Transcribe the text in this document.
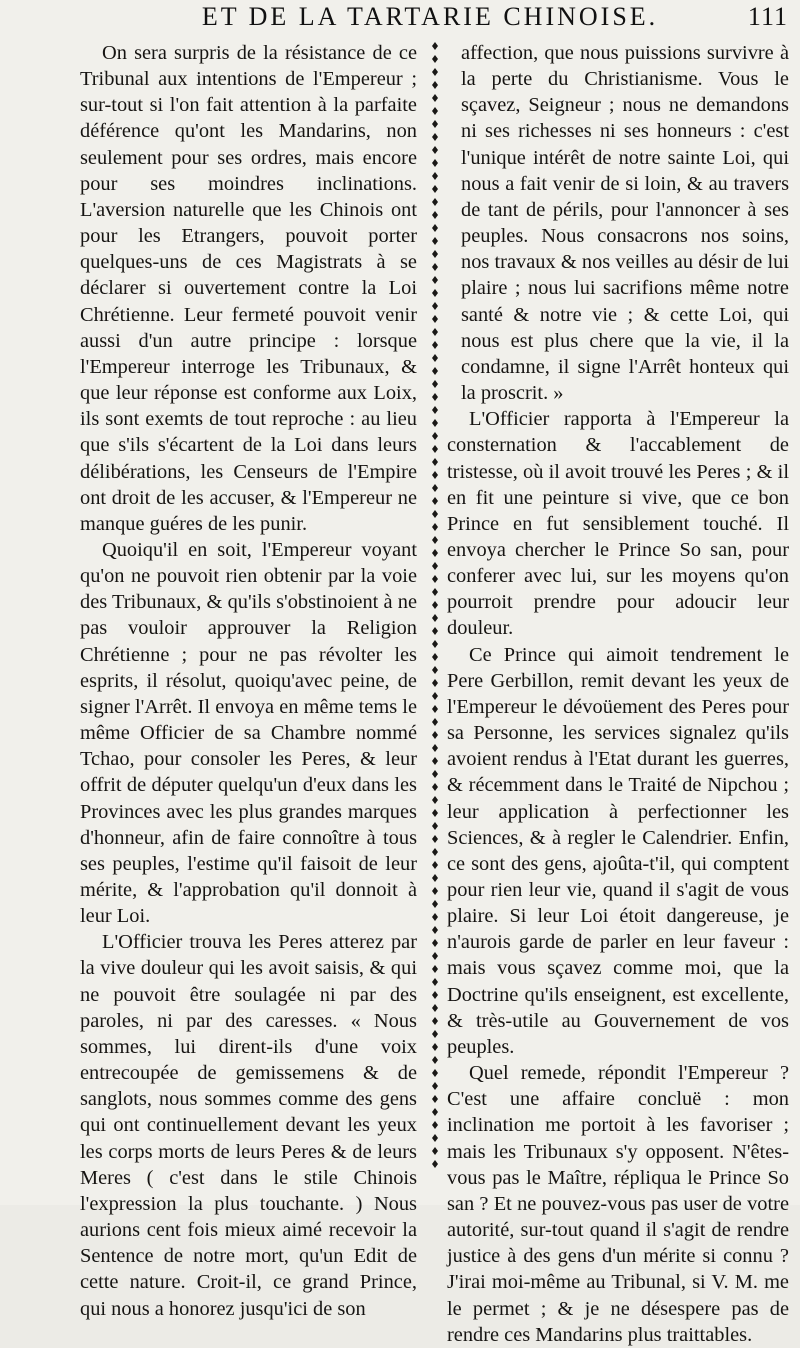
ET DE LA TARTARIE CHINOISE.	111

On sera surpris de la résistance de ce Tribunal aux intentions de l'Empereur ; sur-tout si l'on fait attention à la parfaite déférence qu'ont les Mandarins, non seulement pour ses ordres, mais encore pour ses moindres inclinations. L'aversion naturelle que les Chinois ont pour les Etrangers, pouvoit porter quelques-uns de ces Magistrats à se déclarer si ouvertement contre la Loi Chrétienne. Leur fermeté pouvoit venir aussi d'un autre principe : lorsque l'Empereur interroge les Tribunaux, & que leur réponse est conforme aux Loix, ils sont exemts de tout reproche : au lieu que s'ils s'écartent de la Loi dans leurs délibérations, les Censeurs de l'Empire ont droit de les accuser, & l'Empereur ne manque guéres de les punir.

Quoiqu'il en soit, l'Empereur voyant qu'on ne pouvoit rien obtenir par la voie des Tribunaux, & qu'ils s'obstinoient à ne pas vouloir approuver la Religion Chrétienne ; pour ne pas révolter les esprits, il résolut, quoiqu'avec peine, de signer l'Arrêt. Il envoya en même tems le même Officier de sa Chambre nommé Tchao, pour consoler les Peres, & leur offrit de députer quelqu'un d'eux dans les Provinces avec les plus grandes marques d'honneur, afin de faire connoître à tous ses peuples, l'estime qu'il faisoit de leur mérite, & l'approbation qu'il donnoit à leur Loi.

L'Officier trouva les Peres atterez par la vive douleur qui les avoit saisis, & qui ne pouvoit être soulagée ni par des paroles, ni par des caresses. « Nous sommes, lui dirent-ils d'une voix entrecoupée de gemissemens & de sanglots, nous sommes comme des gens qui ont continuellement devant les yeux les corps morts de leurs Peres & de leurs Meres ( c'est dans le stile Chinois l'expression la plus touchante. ) Nous aurions cent fois mieux aimé recevoir la Sentence de notre mort, qu'un Edit de cette nature. Croit-il, ce grand Prince, qui nous a honorez jusqu'ici de son

affection, que nous puissions survivre à la perte du Christianisme. Vous le sçavez, Seigneur ; nous ne demandons ni ses richesses ni ses honneurs : c'est l'unique intérêt de notre sainte Loi, qui nous a fait venir de si loin, & au travers de tant de périls, pour l'annoncer à ses peuples. Nous consacrons nos soins, nos travaux & nos veilles au désir de lui plaire ; nous lui sacrifions même notre santé & notre vie ; & cette Loi, qui nous est plus chere que la vie, il la condamne, il signe l'Arrêt honteux qui la proscrit. »

L'Officier rapporta à l'Empereur la consternation & l'accablement de tristesse, où il avoit trouvé les Peres ; & il en fit une peinture si vive, que ce bon Prince en fut sensiblement touché. Il envoya chercher le Prince So san, pour conferer avec lui, sur les moyens qu'on pourroit prendre pour adoucir leur douleur.

Ce Prince qui aimoit tendrement le Pere Gerbillon, remit devant les yeux de l'Empereur le dévoüement des Peres pour sa Personne, les services signalez qu'ils avoient rendus à l'Etat durant les guerres, & récemment dans le Traité de Nipchou ; leur application à perfectionner les Sciences, & à regler le Calendrier. Enfin, ce sont des gens, ajoûta-t'il, qui comptent pour rien leur vie, quand il s'agit de vous plaire. Si leur Loi étoit dangereuse, je n'aurois garde de parler en leur faveur : mais vous sçavez comme moi, que la Doctrine qu'ils enseignent, est excellente, & très-utile au Gouvernement de vos peuples.

Quel remede, répondit l'Empereur ? C'est une affaire concluë : mon inclination me portoit à les favoriser ; mais les Tribunaux s'y opposent. N'êtes-vous pas le Maître, répliqua le Prince So san ? Et ne pouvez-vous pas user de votre autorité, sur-tout quand il s'agit de rendre justice à des gens d'un mérite si connu ? J'irai moi-même au Tribunal, si V. M. me le permet ; & je ne désespere pas de rendre ces Mandarins plus traittables.
